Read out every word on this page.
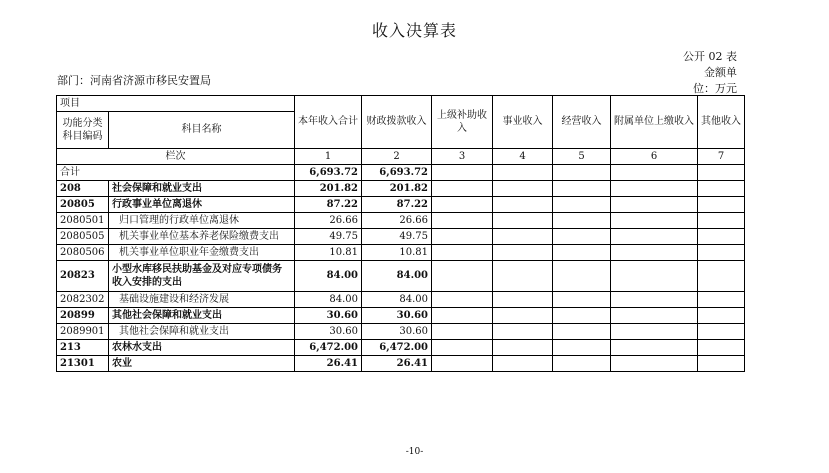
收入决算表
公开 02 表
金额单
位：万元
部门：河南省济源市移民安置局
项目		本年收入合计	财政拨款收入	上级补助收入	事业收入	经营收入	附属单位上缴收入	其他收入
功能分类科目编码	科目名称							

栏次		1	2	3	4	5	6	7
合计		6,693.72	6,693.72					
208	社会保障和就业支出	201.82	201.82					
20805	行政事业单位离退休	87.22	87.22					
2080501	归口管理的行政单位离退休	26.66	26.66					
2080505	机关事业单位基本养老保险缴费支出	49.75	49.75					
2080506	机关事业单位职业年金缴费支出	10.81	10.81					
20823	小型水库移民扶助基金及对应专项债务收入安排的支出	84.00	84.00					
2082302	基础设施建设和经济发展	84.00	84.00					
20899	其他社会保障和就业支出	30.60	30.60					
2089901	其他社会保障和就业支出	30.60	30.60					
213	农林水支出	6,472.00	6,472.00					
21301	农业	26.41	26.41					
-10-
